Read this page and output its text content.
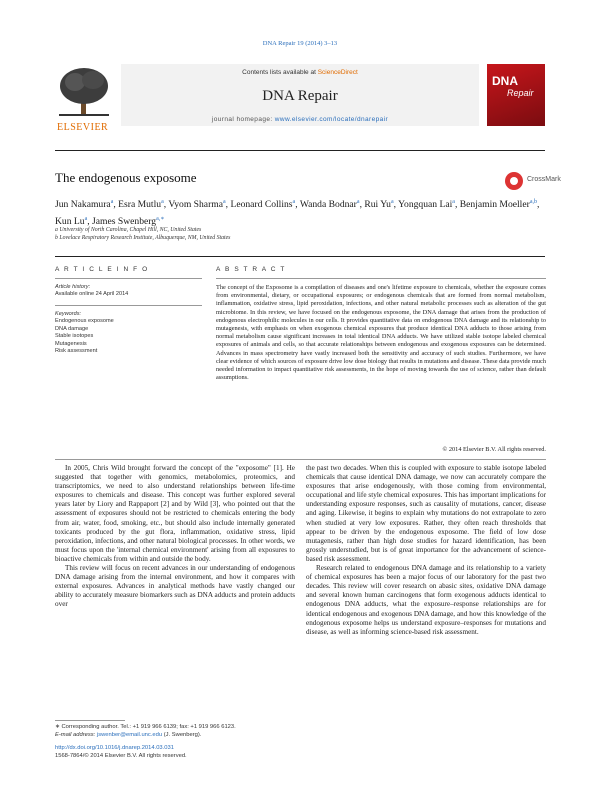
DNA Repair 19 (2014) 3–13
ELSEVIER
Contents lists available at ScienceDirect
DNA Repair
journal homepage: www.elsevier.com/locate/dnarepair
DNA
Repair
The endogenous exposome	CrossMark
Jun Nakamura$^a$, Esra Mutlu$^a$, Vyom Sharma$^a$, Leonard Collins$^a$, Wanda Bodnar$^a$, Rui Yu$^a$, Yongquan Lai$^a$, Benjamin Moeller$^{a,b}$, Kun Lu$^a$, James Swenberg$^{a,∗}$
a University of North Carolina, Chapel Hill, NC, United States
b Lovelace Respiratory Research Institute, Albuquerque, NM, United States
A R T I C L E I N F O	A B S T R A C T
Article history:
Available online 24 April 2014
Keywords:
Endogenous exposome
DNA damage
Stable isotopes
Mutagenesis
Risk assessment
The concept of the Exposome is a compilation of diseases and one's lifetime exposure to chemicals, whether the exposure comes from environmental, dietary, or occupational exposures; or endogenous chemicals that are formed from normal metabolism, inflammation, oxidative stress, lipid peroxidation, infections, and other natural metabolic processes such as alteration of the gut microbiome. In this review, we have focused on the endogenous exposome, the DNA damage that arises from the production of endogenous electrophilic molecules in our cells. It provides quantitative data on endogenous DNA damage and its relationship to mutagenesis, with emphasis on when exogenous chemical exposures that produce identical DNA adducts to those arising from normal metabolism cause significant increases in total identical DNA adducts. We have utilized stable isotope labeled chemical exposures of animals and cells, so that accurate relationships between endogenous and exogenous exposures can be determined. Advances in mass spectrometry have vastly increased both the sensitivity and accuracy of such studies. Furthermore, we have clear evidence of which sources of exposure drive low dose biology that results in mutations and disease. These data provide much needed information to impact quantitative risk assessments, in the hope of moving towards the use of science, rather than default assumptions.
© 2014 Elsevier B.V. All rights reserved.

In 2005, Chris Wild brought forward the concept of the "exposome" [1]. He suggested that together with genomics, metabolomics, proteomics, and transcriptomics, we need to also understand relationships between life-time exposures to chemicals and disease. This concept was further explored several years later by Liory and Rappaport [2] and by Wild [3], who pointed out that the assessment of exposures should not be restricted to chemicals entering the body from air, water, food, smoking, etc., but should also include internally generated toxicants produced by the gut flora, inflammation, oxidative stress, lipid peroxidation, infections, and other natural biological processes. In other words, we must focus upon the 'internal chemical environment' arising from all exposures to bioactive chemicals from within and outside the body.

This review will focus on recent advances in our understanding of endogenous DNA damage arising from the internal environment, and how it compares with external exposures. Advances in analytical methods have vastly changed our ability to accurately measure biomarkers such as DNA adducts and protein adducts over

the past two decades. When this is coupled with exposure to stable isotope labeled chemicals that cause identical DNA damage, we now can accurately compare the exposures that arise endogenously, with those coming from environmental, occupational and life style chemical exposures. This has important implications for understanding exposure responses, such as causality of mutations, cancer, disease and aging. Likewise, it begins to explain why mutations do not extrapolate to zero when studied at very low exposures. Rather, they often reach thresholds that appear to be driven by the endogenous exposome. The field of low dose mutagenesis, rather than high dose studies for hazard identification, has been grossly understudied, but is of great importance for the advancement of science-based risk assessment.

Research related to endogenous DNA damage and its relationship to a variety of chemical exposures has been a major focus of our laboratory for the past two decades. This review will cover research on abasic sites, oxidative DNA damage and several known human carcinogens that form exogenous adducts identical to endogenous DNA adducts, what the exposure–response relationships are for identical endogenous and exogenous DNA damage, and how this knowledge of the endogenous exposome helps us understand exposure–responses for mutations and disease, as well as informing science-based risk assessment.

∗ Corresponding author. Tel.: +1 919 966 6139; fax: +1 919 966 6123.
E-mail address: jswenber@email.unc.edu (J. Swenberg).
http://dx.doi.org/10.1016/j.dnarep.2014.03.031
1568-7864/© 2014 Elsevier B.V. All rights reserved.
